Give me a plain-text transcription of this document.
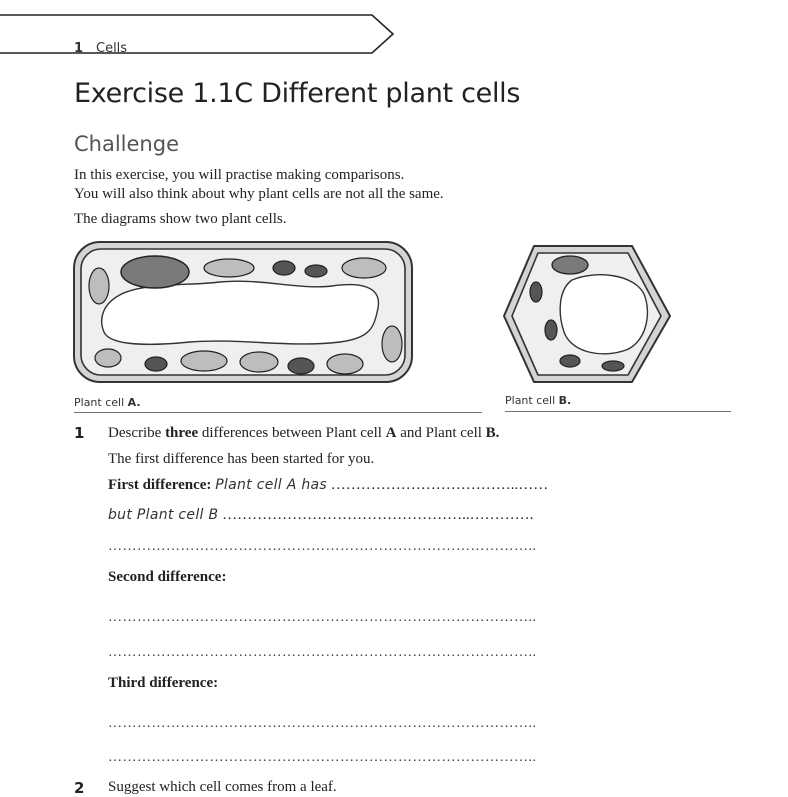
1 Cells
Exercise 1.1C Different plant cells
Challenge
In this exercise, you will practise making comparisons.
You will also think about why plant cells are not all the same.
The diagrams show two plant cells.
Plant cell A.	Plant cell B.
1 Describe three differences between Plant cell A and Plant cell B.
The first difference has been started for you.
First difference: Plant cell A has ………………………………..……
but Plant cell B …………………………………………..………….
……………………………………………………………………………..
Second difference:
……………………………………………………………………………..
……………………………………………………………………………..
Third difference:
……………………………………………………………………………..
……………………………………………………………………………..
2 Suggest which cell comes from a leaf.
